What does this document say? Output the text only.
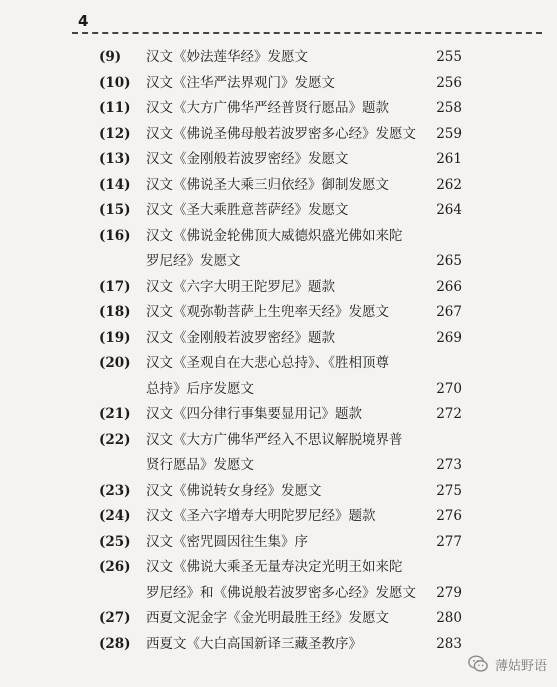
4
(9)	汉文《妙法莲华经》发愿文	255
(10)	汉文《注华严法界观门》发愿文	256
(11)	汉文《大方广佛华严经普贤行愿品》题款	258
(12)	汉文《佛说圣佛母般若波罗密多心经》发愿文	259
(13)	汉文《金刚般若波罗密经》发愿文	261
(14)	汉文《佛说圣大乘三归依经》御制发愿文	262
(15)	汉文《圣大乘胜意菩萨经》发愿文	264
(16)	汉文《佛说金轮佛顶大威德炽盛光佛如来陀
罗尼经》发愿文	265
(17)	汉文《六字大明王陀罗尼》题款	266
(18)	汉文《观弥勒菩萨上生兜率天经》发愿文	267
(19)	汉文《金刚般若波罗密经》题款	269
(20)	汉文《圣观自在大悲心总持》、《胜相顶尊
总持》后序发愿文	270
(21)	汉文《四分律行事集要显用记》题款	272
(22)	汉文《大方广佛华严经入不思议解脱境界普
贤行愿品》发愿文	273
(23)	汉文《佛说转女身经》发愿文	275
(24)	汉文《圣六字增寿大明陀罗尼经》题款	276
(25)	汉文《密咒圆因往生集》序	277
(26)	汉文《佛说大乘圣无量寿决定光明王如来陀
罗尼经》和《佛说般若波罗密多心经》发愿文	279
(27)	西夏文泥金字《金光明最胜王经》发愿文	280
(28)	西夏文《大白高国新译三藏圣教序》	283
薄姑野语
